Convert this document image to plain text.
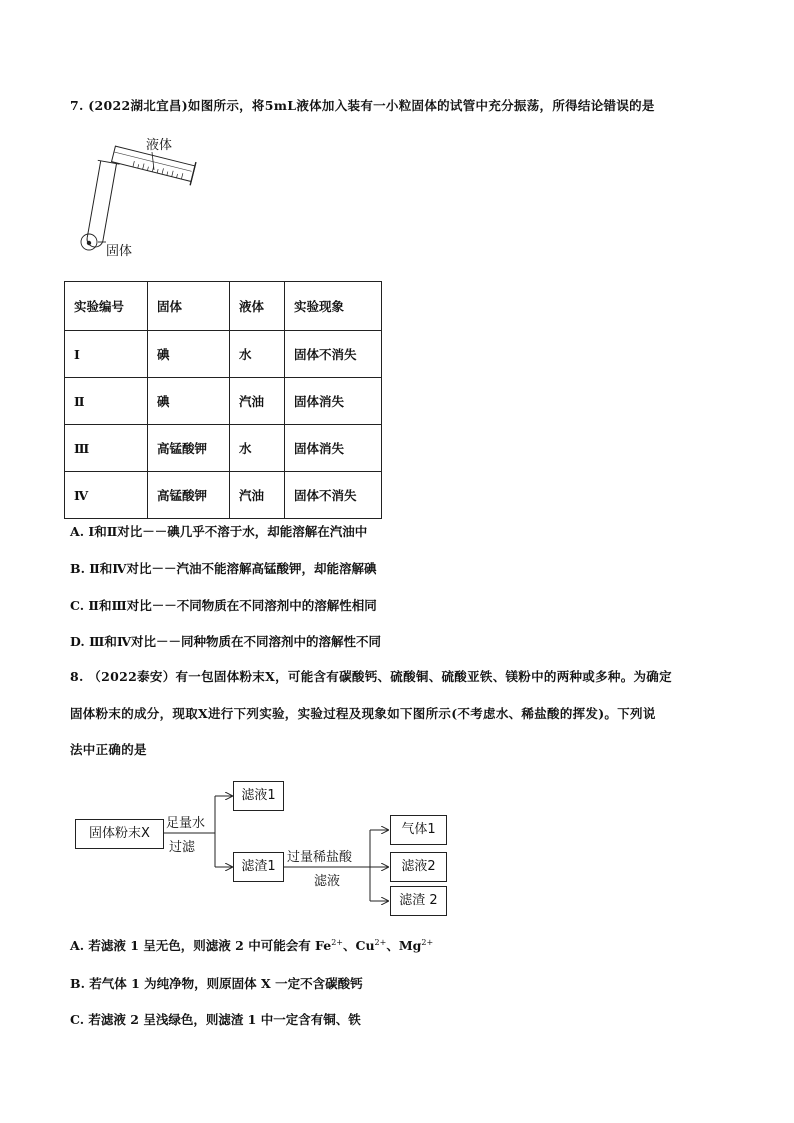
7. (2022湖北宜昌)如图所示，将5mL液体加入装有一小粒固体的试管中充分振荡，所得结论错误的是
液体
固体
实验编号	固体	液体	实验现象
Ⅰ	碘	水	固体不消失
Ⅱ	碘	汽油	固体消失
Ⅲ	高锰酸钾	水	固体消失
Ⅳ	高锰酸钾	汽油	固体不消失
A. Ⅰ和Ⅱ对比－－碘几乎不溶于水，却能溶解在汽油中
B. Ⅱ和Ⅳ对比－－汽油不能溶解高锰酸钾，却能溶解碘
C. Ⅱ和Ⅲ对比－－不同物质在不同溶剂中的溶解性相同
D. Ⅲ和Ⅳ对比－－同种物质在不同溶剂中的溶解性不同
8. （2022泰安）有一包固体粉末X，可能含有碳酸钙、硫酸铜、硫酸亚铁、镁粉中的两种或多种。为确定
固体粉末的成分，现取X进行下列实验，实验过程及现象如下图所示(不考虑水、稀盐酸的挥发)。下列说
法中正确的是
固体粉末X
足量水
过滤
滤液1
滤渣1
过量稀盐酸
滤液
气体1
滤液2
滤渣 2
A. 若滤液 1 呈无色，则滤液 2 中可能会有 $Fe^{2+}$、$Cu^{2+}$、$Mg^{2+}$
B. 若气体 1 为纯净物，则原固体 X 一定不含碳酸钙
C. 若滤液 2 呈浅绿色，则滤渣 1 中一定含有铜、铁
